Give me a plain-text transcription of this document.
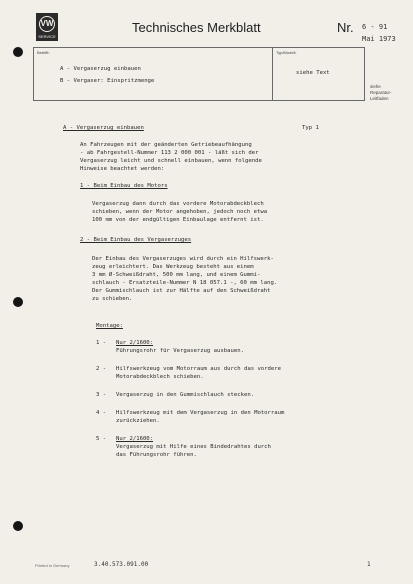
VW
SERVICE
Technisches Merkblatt	Nr. 6 - 91
Mai 1973
Betrifft:	Typ/Modell:
A - Vergaserzug einbauen
B - Vergaser: Einspritzmenge
siehe Text
siehe
Reparatur-
Leitfaden
A - Vergaserzug einbauen	Typ 1
An Fahrzeugen mit der geänderten Getriebeaufhängung
- ab Fahrgestell-Nummer 113 2 000 001 - läßt sich der
Vergaserzug leicht und schnell einbauen, wenn folgende
Hinweise beachtet werden:
1 - Beim Einbau des Motors
Vergaserzug dann durch das vordere Motorabdeckblech
schieben, wenn der Motor angehoben, jedoch noch etwa
100 mm von der endgültigen Einbaulage entfernt ist.
2 - Beim Einbau des Vergaserzuges
Der Einbau des Vergaserzuges wird durch ein Hilfswerk-
zeug erleichtert. Das Werkzeug besteht aus einem
3 mm Ø-Schweißdraht, 500 mm lang, und einem Gummi-
schlauch - Ersatzteile-Nummer N 18 057.1 -, 60 mm lang.
Der Gummischlauch ist zur Hälfte auf den Schweißdraht
zu schieben.
Montage:
1 - Nur 2/1600:
Führungsrohr für Vergaserzug ausbauen.
2 - Hilfswerkzeug vom Motorraum aus durch das vordere
Motorabdeckblech schieben.
3 - Vergaserzug in den Gummischlauch stecken.
4 - Hilfswerkzeug mit dem Vergaserzug in den Motorraum
zurückziehen.
5 - Nur 2/1600:
Vergaserzug mit Hilfe eines Bindedrahtes durch
das Führungsrohr führen.
Printed in Germany	3.40.573.091.00	1
